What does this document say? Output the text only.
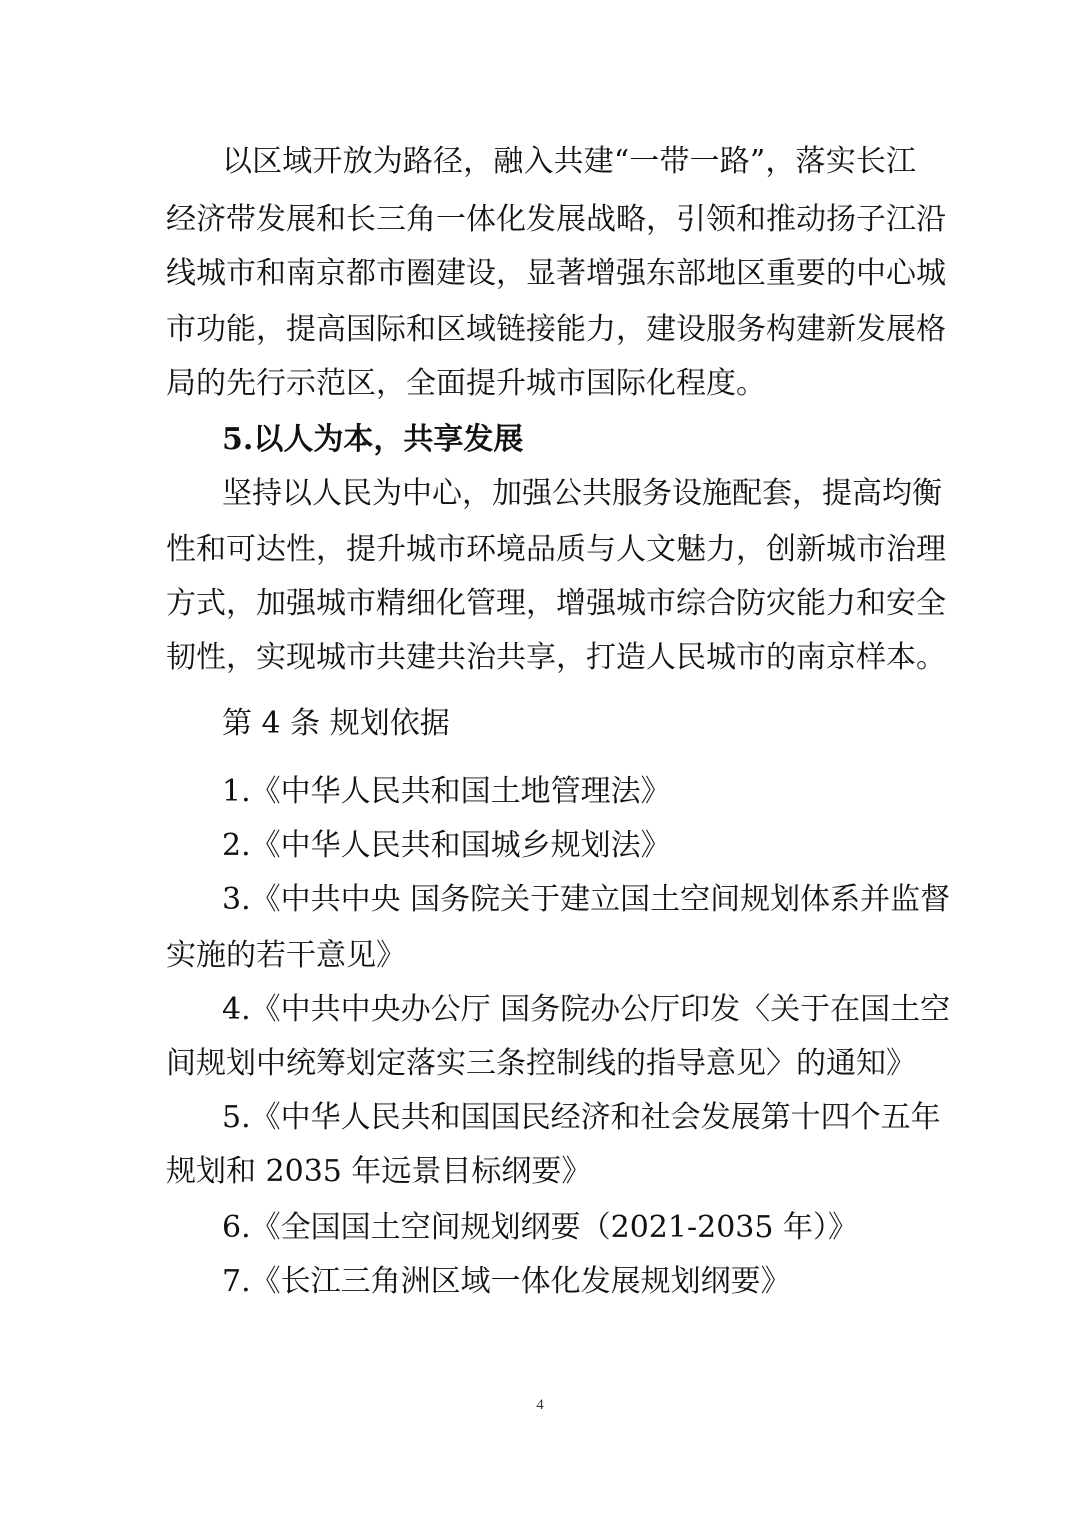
以区域开放为路径，融入共建“一带一路”，落实长江
经济带发展和长三角一体化发展战略，引领和推动扬子江沿
线城市和南京都市圈建设，显著增强东部地区重要的中心城
市功能，提高国际和区域链接能力，建设服务构建新发展格
局的先行示范区，全面提升城市国际化程度。
5.以人为本，共享发展
坚持以人民为中心，加强公共服务设施配套，提高均衡
性和可达性，提升城市环境品质与人文魅力，创新城市治理
方式，加强城市精细化管理，增强城市综合防灾能力和安全
韧性，实现城市共建共治共享，打造人民城市的南京样本。
第 4 条 规划依据
1.《中华人民共和国土地管理法》
2.《中华人民共和国城乡规划法》
3.《中共中央 国务院关于建立国土空间规划体系并监督
实施的若干意见》
4.《中共中央办公厅 国务院办公厅印发〈关于在国土空
间规划中统筹划定落实三条控制线的指导意见〉的通知》
5.《中华人民共和国国民经济和社会发展第十四个五年
规划和 2035 年远景目标纲要》
6.《全国国土空间规划纲要（2021-2035 年）》
7.《长江三角洲区域一体化发展规划纲要》
4
